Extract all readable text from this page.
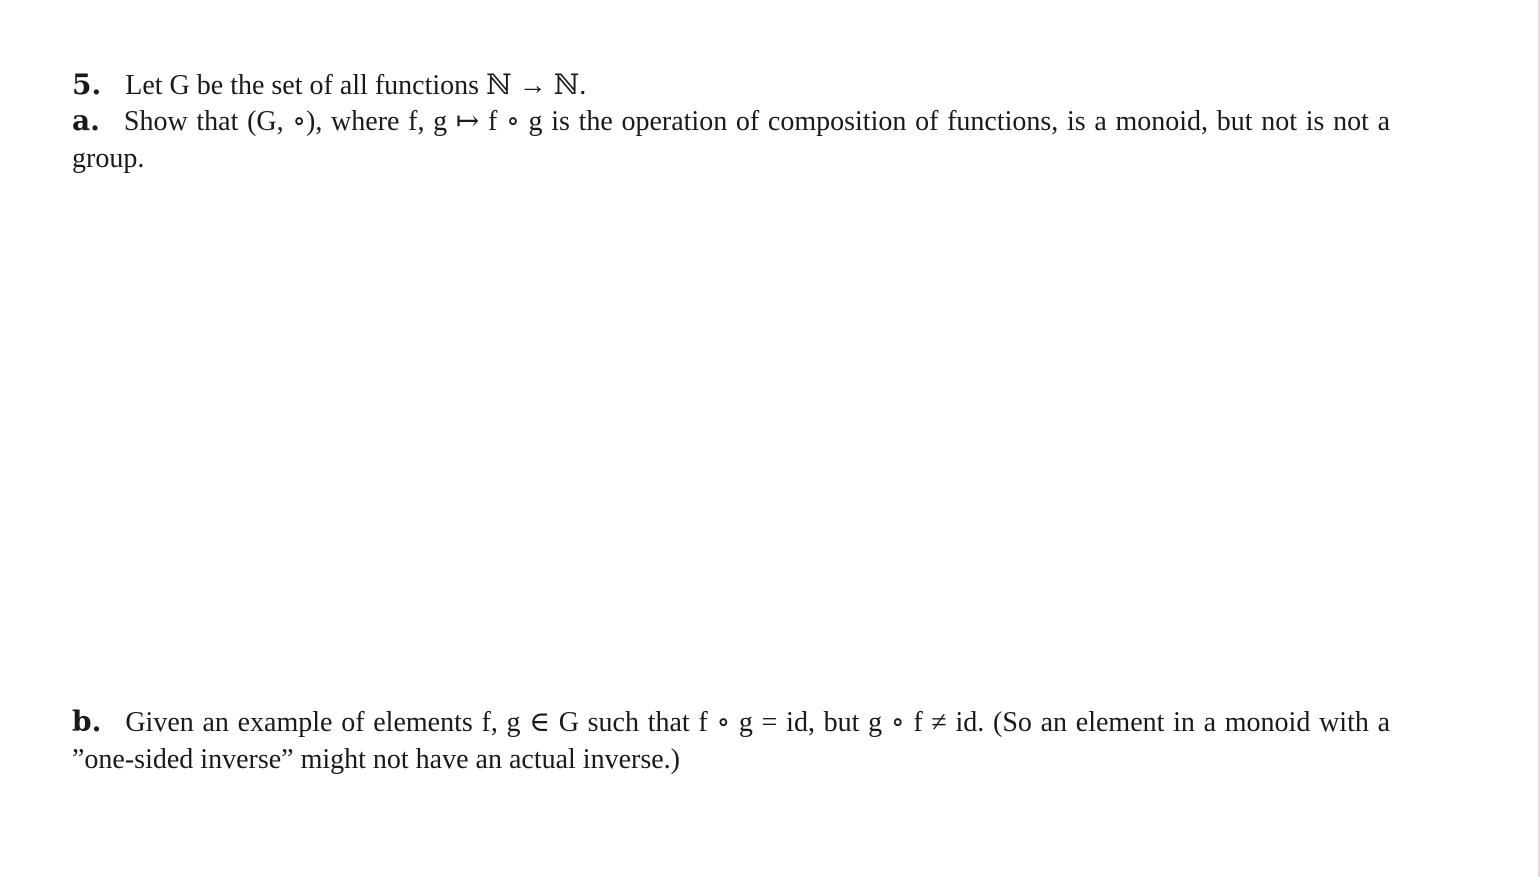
5. Let G be the set of all functions ℕ → ℕ.
a. Show that (G, ∘), where f, g ↦ f ∘ g is the operation of composition of functions, is a monoid, but not is not a group.
b. Given an example of elements f, g ∈ G such that f ∘ g = id, but g ∘ f ≠ id. (So an element in a monoid with a ”one-sided inverse” might not have an actual inverse.)
